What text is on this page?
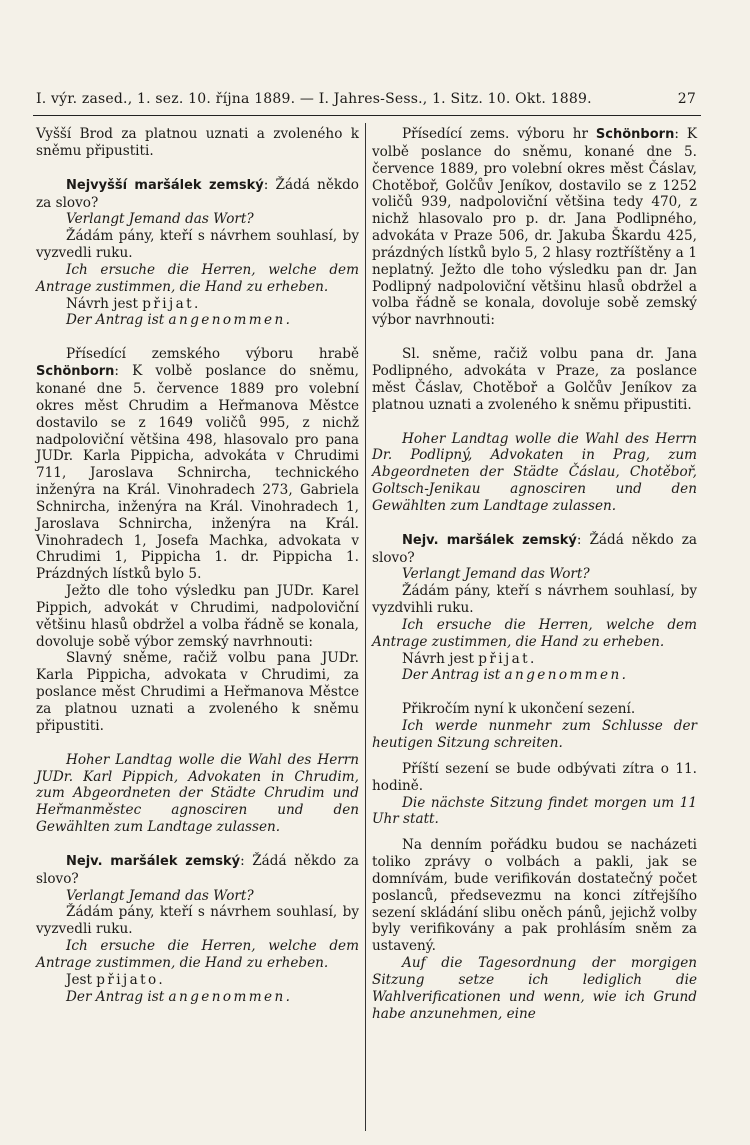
I. výr. zased., 1. sez. 10. října 1889. — I. Jahres-Sess., 1. Sitz. 10. Okt. 1889.	27

Vyšší Brod za platnou uznati a zvoleného k sněmu připustiti.

Nejvyšší maršálek zemský: Žádá někdo za slovo?

Verlangt Jemand das Wort?

Žádám pány, kteří s návrhem souhlasí, by vyzvedli ruku.

Ich ersuche die Herren, welche dem Antrage zustimmen, die Hand zu erheben.

Návrh jest přijat.

Der Antrag ist angenommen.

Přísedící zemského výboru hrabě Schönborn: K volbě poslance do sněmu, konané dne 5. července 1889 pro volební okres měst Chrudim a Heřmanova Městce dostavilo se z 1649 voličů 995, z nichž nadpoloviční většina 498, hlasovalo pro pana JUDr. Karla Pippicha, advokáta v Chrudimi 711, Jaroslava Schnircha, technického inženýra na Král. Vinohradech 273, Gabriela Schnircha, inženýra na Král. Vinohradech 1, Jaroslava Schnircha, inženýra na Král. Vinohradech 1, Josefa Machka, advokata v Chrudimi 1, Pippicha 1. dr. Pippicha 1. Prázdných lístků bylo 5.

Ježto dle toho výsledku pan JUDr. Karel Pippich, advokát v Chrudimi, nadpoloviční většinu hlasů obdržel a volba řádně se konala, dovoluje sobě výbor zemský navrhnouti:

Slavný sněme, račiž volbu pana JUDr. Karla Pippicha, advokata v Chrudimi, za poslance měst Chrudimi a Heřmanova Městce za platnou uznati a zvoleného k sněmu připustiti.

Hoher Landtag wolle die Wahl des Herrn JUDr. Karl Pippich, Advokaten in Chrudim, zum Abgeordneten der Städte Chrudim und Heřmanměstec agnosciren und den Gewählten zum Landtage zulassen.

Nejv. maršálek zemský: Žádá někdo za slovo?

Verlangt Jemand das Wort?

Žádám pány, kteří s návrhem souhlasí, by vyzvedli ruku.

Ich ersuche die Herren, welche dem Antrage zustimmen, die Hand zu erheben.

Jest přijato.

Der Antrag ist angenommen.

Přísedící zems. výboru hr Schönborn: K volbě poslance do sněmu, konané dne 5. července 1889, pro volební okres měst Čáslav, Chotěboř, Golčův Jeníkov, dostavilo se z 1252 voličů 939, nadpoloviční většina tedy 470, z nichž hlasovalo pro p. dr. Jana Podlipného, advokáta v Praze 506, dr. Jakuba Škardu 425, prázdných lístků bylo 5, 2 hlasy roztříštěny a 1 neplatný. Ježto dle toho výsledku pan dr. Jan Podlipný nadpoloviční většinu hlasů obdržel a volba řádně se konala, dovoluje sobě zemský výbor navrhnouti:

Sl. sněme, račiž volbu pana dr. Jana Podlipného, advokáta v Praze, za poslance měst Čáslav, Chotěboř a Golčův Jeníkov za platnou uznati a zvoleného k sněmu připustiti.

Hoher Landtag wolle die Wahl des Herrn Dr. Podlipný, Advokaten in Prag, zum Abgeordneten der Städte Čáslau, Chotěboř, Goltsch-Jenikau agnosciren und den Gewählten zum Landtage zulassen.

Nejv. maršálek zemský: Žádá někdo za slovo?

Verlangt Jemand das Wort?

Žádám pány, kteří s návrhem souhlasí, by vyzdvihli ruku.

Ich ersuche die Herren, welche dem Antrage zustimmen, die Hand zu erheben.

Návrh jest přijat.

Der Antrag ist angenommen.

Přikročím nyní k ukončení sezení.

Ich werde nunmehr zum Schlusse der heutigen Sitzung schreiten.

Příští sezení se bude odbývati zítra o 11. hodině.

Die nächste Sitzung findet morgen um 11 Uhr statt.

Na denním pořádku budou se nacházeti toliko zprávy o volbách a pakli, jak se domnívám, bude verifikován dostatečný počet poslanců, předsevezmu na konci zítřejšího sezení skládání slibu oněch pánů, jejichž volby byly verifikovány a pak prohlásím sněm za ustavený.

Auf die Tagesordnung der morgigen Sitzung setze ich lediglich die Wahlverificationen und wenn, wie ich Grund habe anzunehmen, eine
